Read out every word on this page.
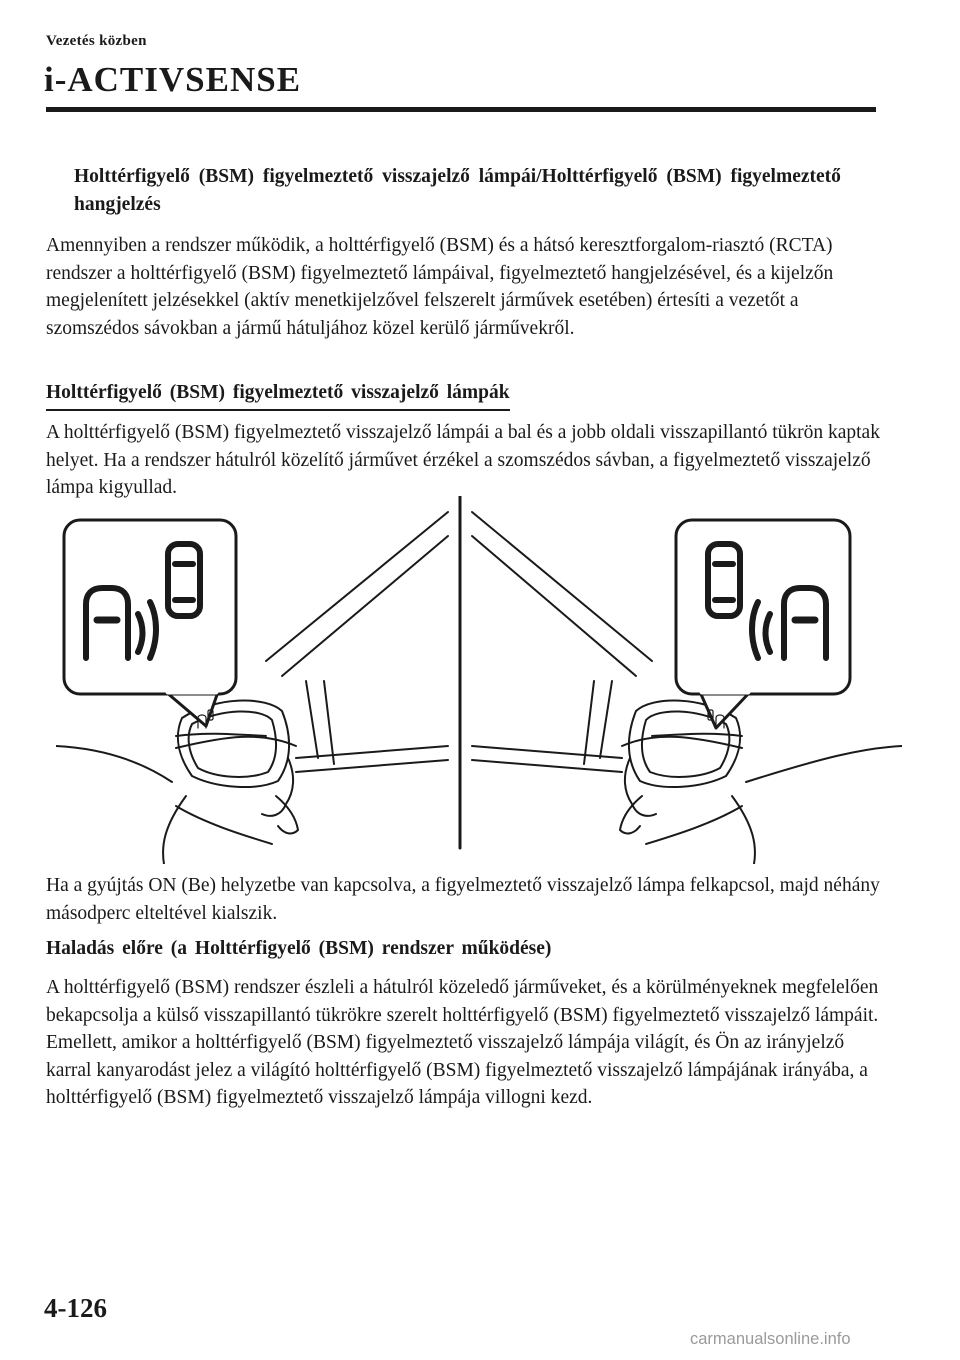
Vezetés közben
i-ACTIVSENSE
Holttérfigyelő (BSM) figyelmeztető visszajelző lámpái/Holttérfigyelő (BSM) figyelmeztető hangjelzés
Amennyiben a rendszer működik, a holttérfigyelő (BSM) és a hátsó keresztforgalom-riasztó (RCTA) rendszer a holttérfigyelő (BSM) figyelmeztető lámpáival, figyelmeztető hangjelzésével, és a kijelzőn megjelenített jelzésekkel (aktív menetkijelzővel felszerelt járművek esetében) értesíti a vezetőt a szomszédos sávokban a jármű hátuljához közel kerülő járművekről.
Holttérfigyelő (BSM) figyelmeztető visszajelző lámpák
A holttérfigyelő (BSM) figyelmeztető visszajelző lámpái a bal és a jobb oldali visszapillantó tükrön kaptak helyet. Ha a rendszer hátulról közelítő járművet érzékel a szomszédos sávban, a figyelmeztető visszajelző lámpa kigyullad.
Ha a gyújtás ON (Be) helyzetbe van kapcsolva, a figyelmeztető visszajelző lámpa felkapcsol, majd néhány másodperc elteltével kialszik.
Haladás előre (a Holttérfigyelő (BSM) rendszer működése)
A holttérfigyelő (BSM) rendszer észleli a hátulról közeledő járműveket, és a körülményeknek megfelelően bekapcsolja a külső visszapillantó tükrökre szerelt holttérfigyelő (BSM) figyelmeztető visszajelző lámpáit. Emellett, amikor a holttérfigyelő (BSM) figyelmeztető visszajelző lámpája világít, és Ön az irányjelző karral kanyarodást jelez a világító holttérfigyelő (BSM) figyelmeztető visszajelző lámpájának irányába, a holttérfigyelő (BSM) figyelmeztető visszajelző lámpája villogni kezd.
4-126
carmanualsonline.info
